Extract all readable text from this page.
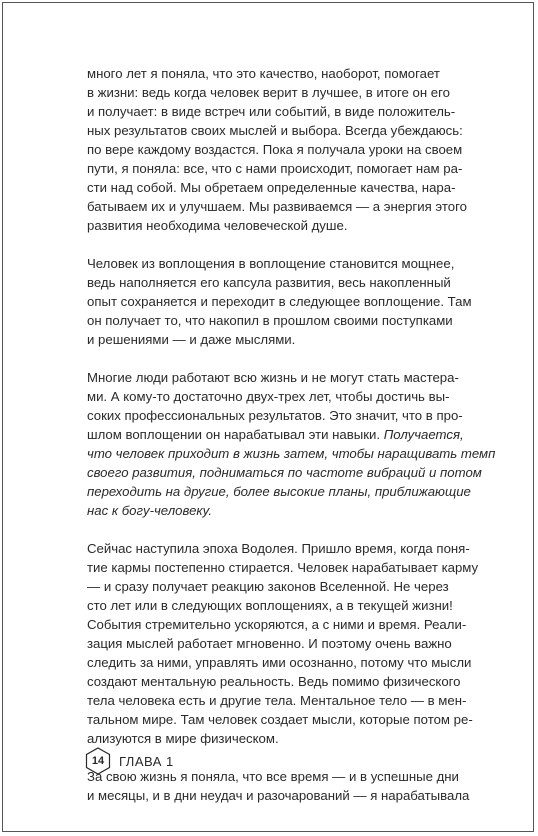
много лет я поняла, что это качество, наоборот, помогает
в жизни: ведь когда человек верит в лучшее, в итоге он его
и получает: в виде встреч или событий, в виде положитель-
ных результатов своих мыслей и выбора. Всегда убеждаюсь:
по вере каждому воздастся. Пока я получала уроки на своем
пути, я поняла: все, что с нами происходит, помогает нам ра-
сти над собой. Мы обретаем определенные качества, нара-
батываем их и улучшаем. Мы развиваемся — а энергия этого
развития необходима человеческой душе.

Человек из воплощения в воплощение становится мощнее,
ведь наполняется его капсула развития, весь накопленный
опыт сохраняется и переходит в следующее воплощение. Там
он получает то, что накопил в прошлом своими поступками
и решениями — и даже мыслями.

Многие люди работают всю жизнь и не могут стать мастера-
ми. А кому-то достаточно двух-трех лет, чтобы достичь вы-
соких профессиональных результатов. Это значит, что в про-
шлом воплощении он нарабатывал эти навыки. Получается,
что человек приходит в жизнь затем, чтобы наращивать темп
своего развития, подниматься по частоте вибраций и потом
переходить на другие, более высокие планы, приближающие
нас к богу-человеку.

Сейчас наступила эпоха Водолея. Пришло время, когда поня-
тие кармы постепенно стирается. Человек нарабатывает карму
— и сразу получает реакцию законов Вселенной. Не через
сто лет или в следующих воплощениях, а в текущей жизни!
События стремительно ускоряются, а с ними и время. Реали-
зация мыслей работает мгновенно. И поэтому очень важно
следить за ними, управлять ими осознанно, потому что мысли
создают ментальную реальность. Ведь помимо физического
тела человека есть и другие тела. Ментальное тело — в мен-
тальном мире. Там человек создает мысли, которые потом ре-
ализуются в мире физическом.

За свою жизнь я поняла, что все время — и в успешные дни
и месяцы, и в дни неудач и разочарований — я нарабатывала

14 ГЛАВА 1
